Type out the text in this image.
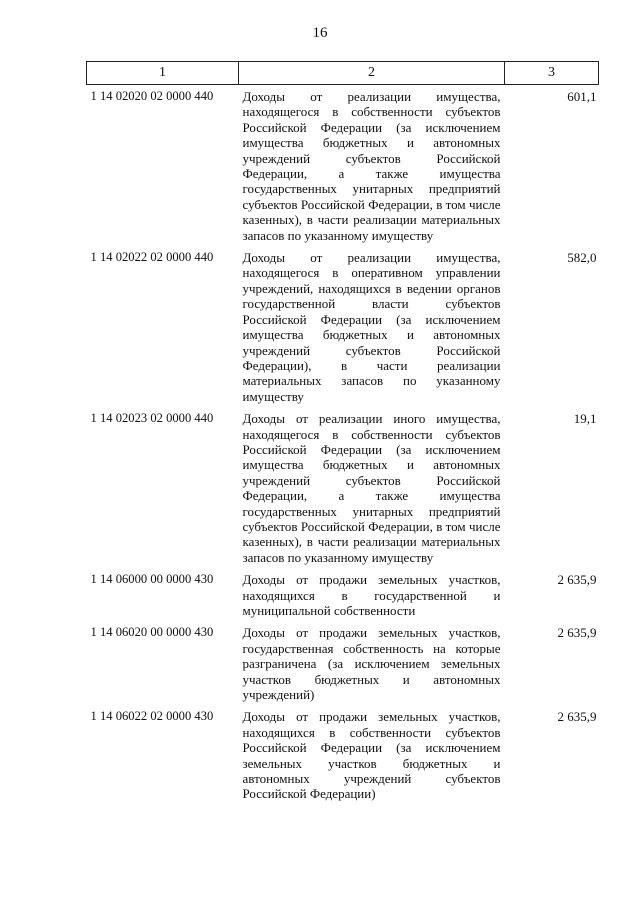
16
1	2	3
1 14 02020 02 0000 440	Доходы от реализации имущества, находящегося в собственности субъектов Российской Федерации (за исключением имущества бюджетных и автономных учреждений субъектов Российской Федерации, а также имущества государственных унитарных предприятий субъектов Российской Федерации, в том числе казенных), в части реализации материальных запасов по указанному имуществу	601,1
1 14 02022 02 0000 440	Доходы от реализации имущества, находящегося в оперативном управлении учреждений, находящихся в ведении органов государственной власти субъектов Российской Федерации (за исключением имущества бюджетных и автономных учреждений субъектов Российской Федерации), в части реализации материальных запасов по указанному имуществу	582,0
1 14 02023 02 0000 440	Доходы от реализации иного имущества, находящегося в собственности субъектов Российской Федерации (за исключением имущества бюджетных и автономных учреждений субъектов Российской Федерации, а также имущества государственных унитарных предприятий субъектов Российской Федерации, в том числе казенных), в части реализации материальных запасов по указанному имуществу	19,1
1 14 06000 00 0000 430	Доходы от продажи земельных участков, находящихся в государственной и муниципальной собственности	2 635,9
1 14 06020 00 0000 430	Доходы от продажи земельных участков, государственная собственность на которые разграничена (за исключением земельных участков бюджетных и автономных учреждений)	2 635,9
1 14 06022 02 0000 430	Доходы от продажи земельных участков, находящихся в собственности субъектов Российской Федерации (за исключением земельных участков бюджетных и автономных учреждений субъектов Российской Федерации)	2 635,9
